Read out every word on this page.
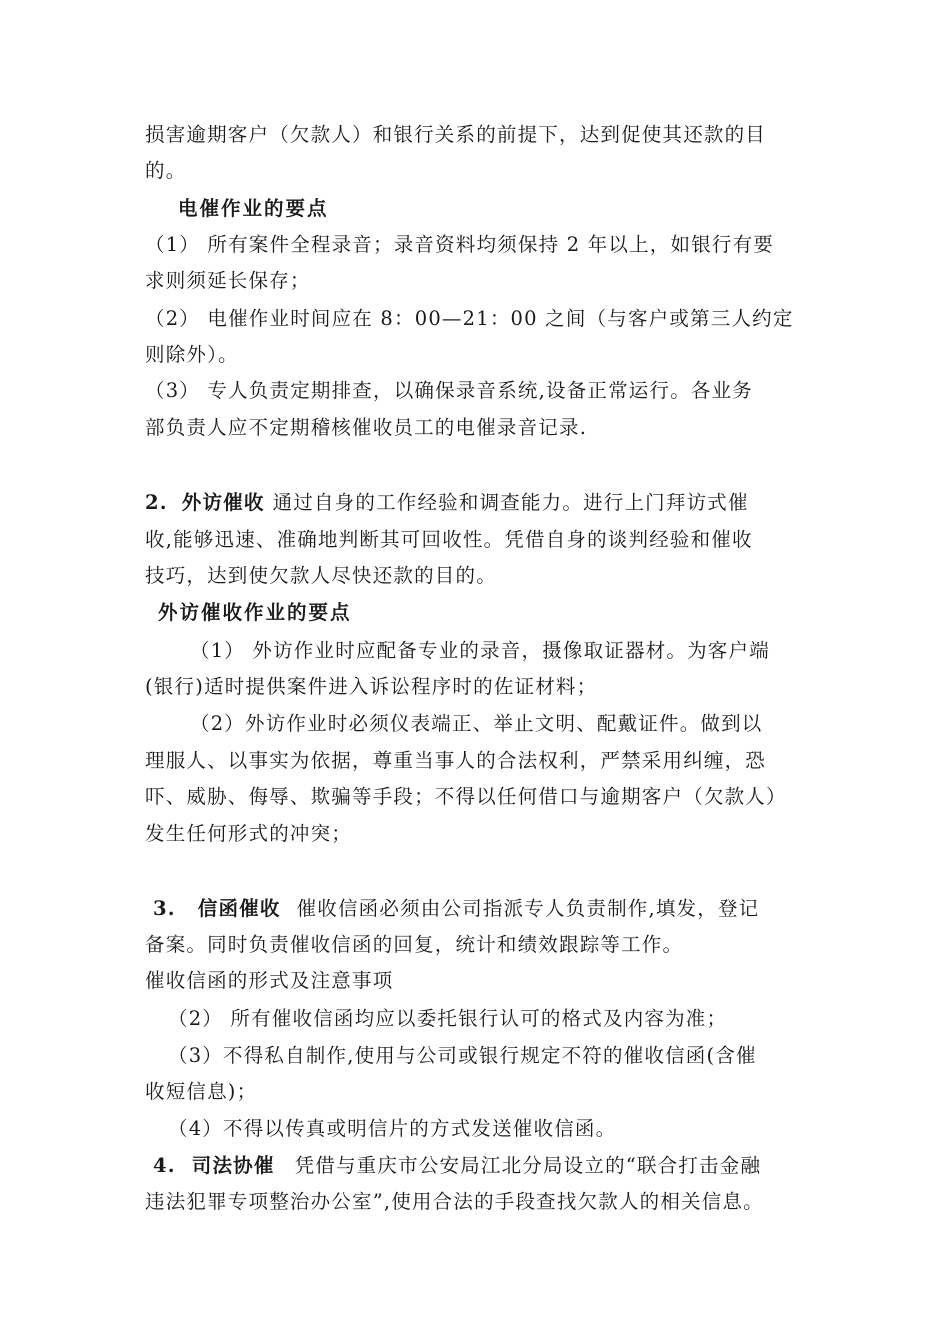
损害逾期客户（欠款人）和银行关系的前提下，达到促使其还款的目
的。
电催作业的要点
（1） 所有案件全程录音；录音资料均须保持 2 年以上，如银行有要
求则须延长保存；
（2） 电催作业时间应在 8：00—21：00 之间（与客户或第三人约定
则除外）。
（3） 专人负责定期排查，以确保录音系统,设备正常运行。各业务
部负责人应不定期稽核催收员工的电催录音记录.
2. 外访催收 通过自身的工作经验和调查能力。进行上门拜访式催
收,能够迅速、准确地判断其可回收性。凭借自身的谈判经验和催收
技巧，达到使欠款人尽快还款的目的。
外访催收作业的要点
（1） 外访作业时应配备专业的录音，摄像取证器材。为客户端
(银行)适时提供案件进入诉讼程序时的佐证材料；
（2）外访作业时必须仪表端正、举止文明、配戴证件。做到以
理服人、以事实为依据，尊重当事人的合法权利，严禁采用纠缠，恐
吓、威胁、侮辱、欺骗等手段；不得以任何借口与逾期客户（欠款人）
发生任何形式的冲突；
3. 信函催收 催收信函必须由公司指派专人负责制作,填发，登记
备案。同时负责催收信函的回复，统计和绩效跟踪等工作。
催收信函的形式及注意事项
（2） 所有催收信函均应以委托银行认可的格式及内容为准；
（3）不得私自制作,使用与公司或银行规定不符的催收信函(含催
收短信息)；
（4）不得以传真或明信片的方式发送催收信函。
4. 司法协催 凭借与重庆市公安局江北分局设立的“联合打击金融
违法犯罪专项整治办公室”,使用合法的手段查找欠款人的相关信息。
